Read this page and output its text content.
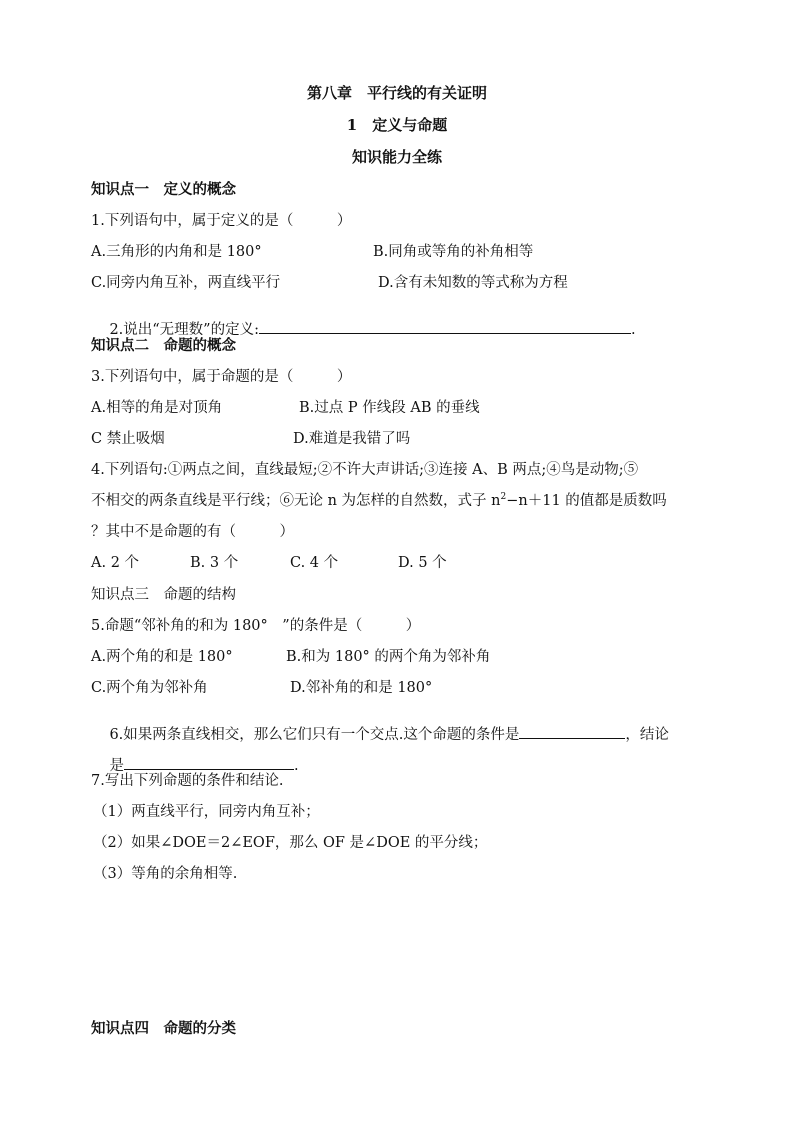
第八章　平行线的有关证明
1　定义与命题
知识能力全练
知识点一　定义的概念
1.下列语句中，属于定义的是（　　　）
A.三角形的内角和是 180°	B.同角或等角的补角相等
C.同旁内角互补，两直线平行	D.含有未知数的等式称为方程

2.说出“无理数”的定义:	.

知识点二　命题的概念
3.下列语句中，属于命题的是（　　　）
A.相等的角是对顶角	B.过点 P 作线段 AB 的垂线
C 禁止吸烟	D.难道是我错了吗
4.下列语句:①两点之间，直线最短;②不许大声讲话;③连接 A、B 两点;④鸟是动物;⑤
不相交的两条直线是平行线；⑥无论 n 为怎样的自然数，式子 $n^2-n+11$ 的值都是质数吗
？其中不是命题的有（　　　）
A. 2 个	B. 3 个	C. 4 个	D. 5 个
知识点三　命题的结构
5.命题“邻补角的和为 180°　”的条件是（　　　）
A.两个角的和是 180°	B.和为 180° 的两个角为邻补角
C.两个角为邻补角	D.邻补角的和是 180°

6.如果两条直线相交，那么它们只有一个交点.这个命题的条件是	，结论

是	.

7.写出下列命题的条件和结论.
（1）两直线平行，同旁内角互补；
（2）如果∠DOE＝2∠EOF，那么 OF 是∠DOE 的平分线；
（3）等角的余角相等.
知识点四　命题的分类
